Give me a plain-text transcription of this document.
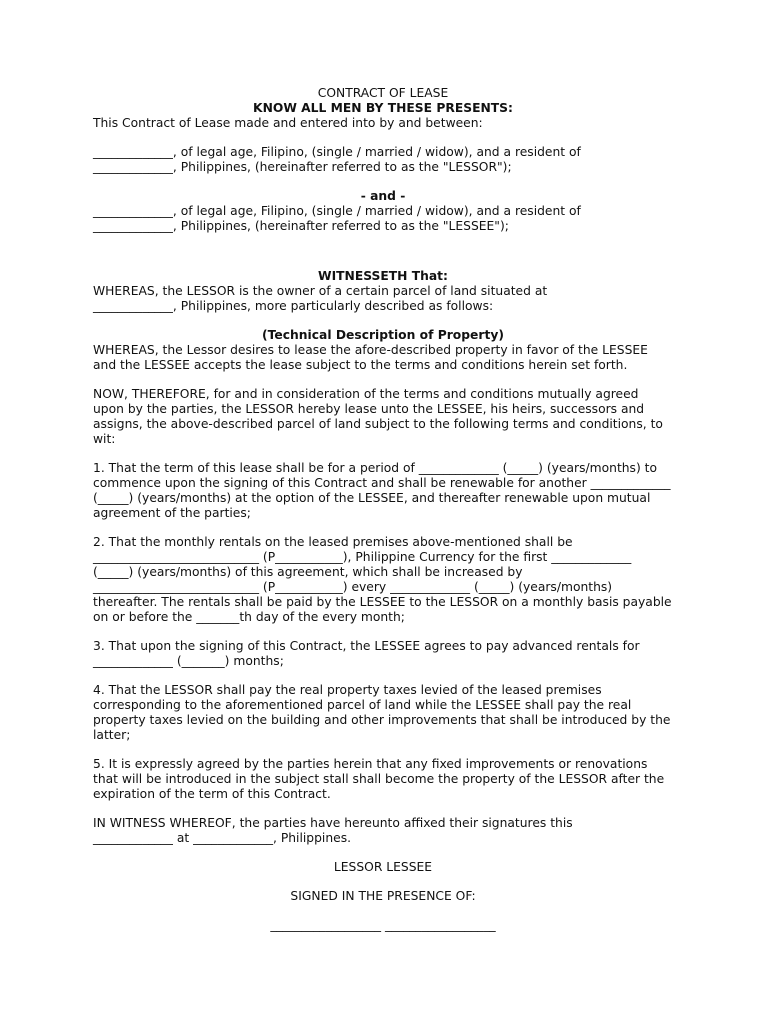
CONTRACT OF LEASE

KNOW ALL MEN BY THESE PRESENTS:

This Contract of Lease made and entered into by and between:

_____________, of legal age, Filipino, (single / married / widow), and a resident of

_____________, Philippines, (hereinafter referred to as the "LESSOR");

- and -

_____________, of legal age, Filipino, (single / married / widow), and a resident of

_____________, Philippines, (hereinafter referred to as the "LESSEE");

WITNESSETH That:

WHEREAS, the LESSOR is the owner of a certain parcel of land situated at

_____________, Philippines, more particularly described as follows:

(Technical Description of Property)

WHEREAS, the Lessor desires to lease the afore-described property in favor of the LESSEE and the LESSEE accepts the lease subject to the terms and conditions herein set forth.

NOW, THEREFORE, for and in consideration of the terms and conditions mutually agreed upon by the parties, the LESSOR hereby lease unto the LESSEE, his heirs, successors and assigns, the above-described parcel of land subject to the following terms and conditions, to wit:

1. That the term of this lease shall be for a period of _____________ (_____) (years/months) to commence upon the signing of this Contract and shall be renewable for another _____________ (_____) (years/months) at the option of the LESSEE, and thereafter renewable upon mutual agreement of the parties;

2. That the monthly rentals on the leased premises above-mentioned shall be ___________________________ (P___________), Philippine Currency for the first _____________ (_____) (years/months) of this agreement, which shall be increased by ___________________________ (P___________) every _____________ (_____) (years/months) thereafter. The rentals shall be paid by the LESSEE to the LESSOR on a monthly basis payable on or before the _______th day of the every month;

3. That upon the signing of this Contract, the LESSEE agrees to pay advanced rentals for _____________ (_______) months;

4. That the LESSOR shall pay the real property taxes levied of the leased premises corresponding to the aforementioned parcel of land while the LESSEE shall pay the real property taxes levied on the building and other improvements that shall be introduced by the latter;

5. It is expressly agreed by the parties herein that any fixed improvements or renovations that will be introduced in the subject stall shall become the property of the LESSOR after the expiration of the term of this Contract.

IN WITNESS WHEREOF, the parties have hereunto affixed their signatures this

_____________ at _____________, Philippines.

LESSOR LESSEE

SIGNED IN THE PRESENCE OF:

__________________ __________________
